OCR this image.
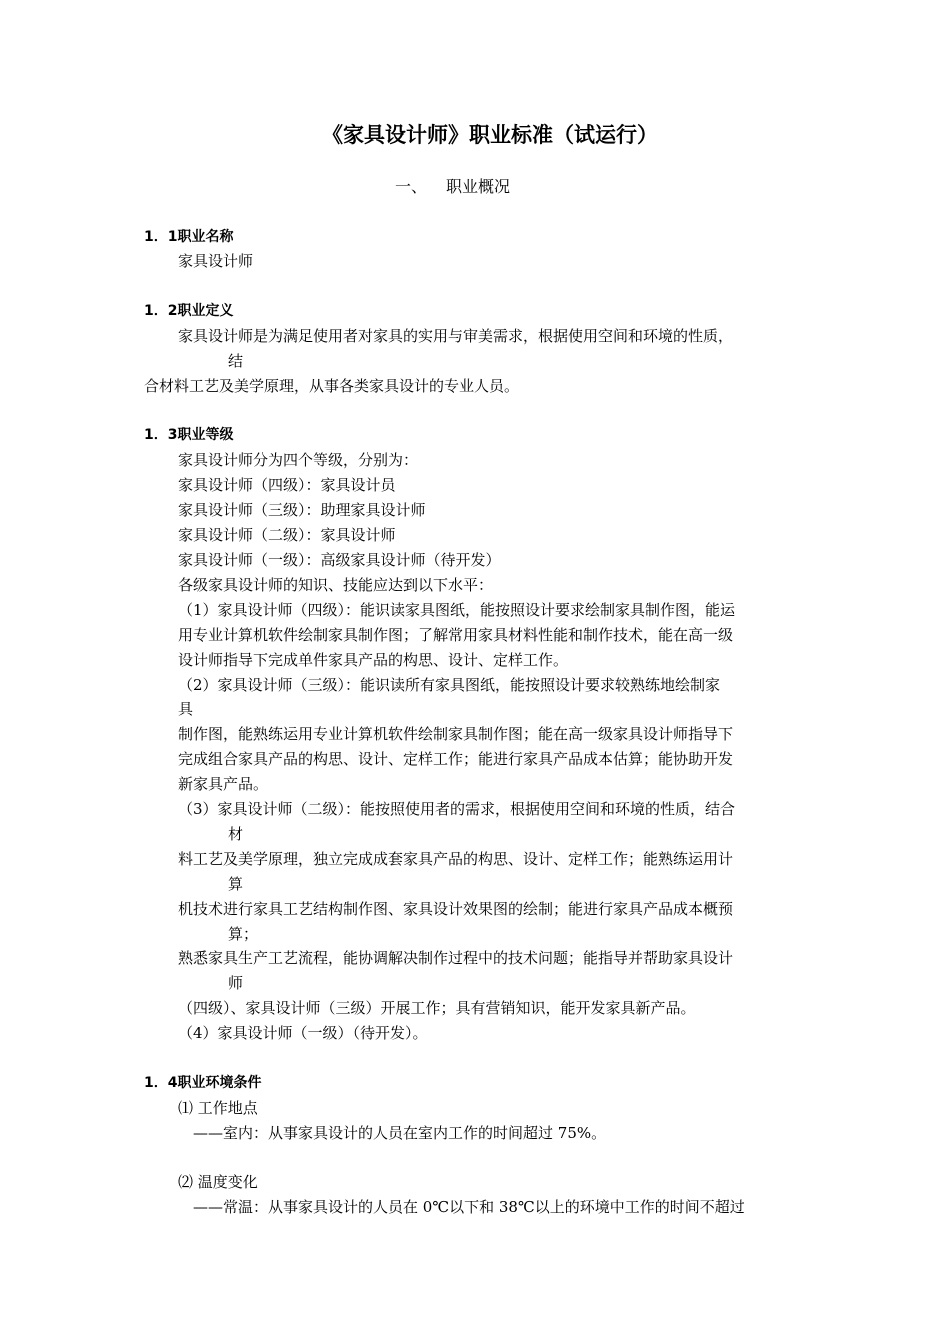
《家具设计师》职业标准（试运行）
一、 职业概况
1．1职业名称
家具设计师
1．2职业定义
家具设计师是为满足使用者对家具的实用与审美需求，根据使用空间和环境的性质，
结
合材料工艺及美学原理，从事各类家具设计的专业人员。
1．3职业等级
家具设计师分为四个等级，分别为：
家具设计师（四级）：家具设计员
家具设计师（三级）：助理家具设计师
家具设计师（二级）：家具设计师
家具设计师（一级）：高级家具设计师（待开发）
各级家具设计师的知识、技能应达到以下水平：
（1）家具设计师（四级）：能识读家具图纸，能按照设计要求绘制家具制作图，能运
用专业计算机软件绘制家具制作图；了解常用家具材料性能和制作技术，能在高一级
设计师指导下完成单件家具产品的构思、设计、定样工作。
（2）家具设计师（三级）：能识读所有家具图纸，能按照设计要求较熟练地绘制家
具
制作图，能熟练运用专业计算机软件绘制家具制作图；能在高一级家具设计师指导下
完成组合家具产品的构思、设计、定样工作；能进行家具产品成本估算；能协助开发
新家具产品。
（3）家具设计师（二级）：能按照使用者的需求，根据使用空间和环境的性质，结合
材
料工艺及美学原理，独立完成成套家具产品的构思、设计、定样工作；能熟练运用计
算
机技术进行家具工艺结构制作图、家具设计效果图的绘制；能进行家具产品成本概预
算；
熟悉家具生产工艺流程，能协调解决制作过程中的技术问题；能指导并帮助家具设计
师
（四级）、家具设计师（三级）开展工作；具有营销知识，能开发家具新产品。
（4）家具设计师（一级）（待开发）。
1．4职业环境条件
⑴ 工作地点
——室内：从事家具设计的人员在室内工作的时间超过 75%。
⑵ 温度变化
——常温：从事家具设计的人员在 0℃以下和 38℃以上的环境中工作的时间不超过
